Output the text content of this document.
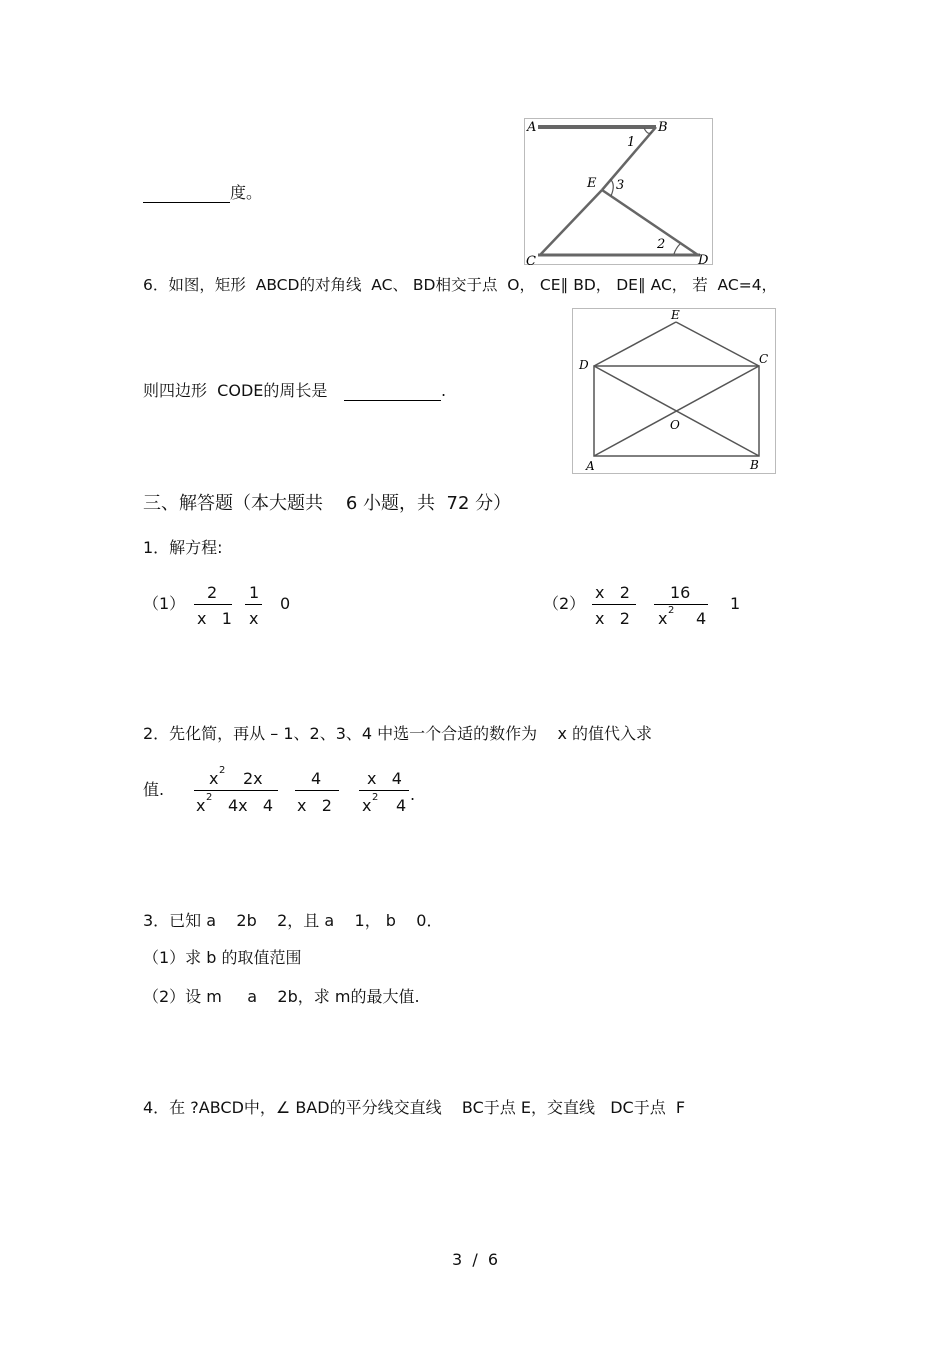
度。
A	B
C	D
E
1
2
3
6．如图，矩形  ABCD的对角线  AC、 BD相交于点  O， CE∥ BD， DE∥ AC， 若  AC=4，
则四边形  CODE的周长是	.
E
D	C
O
A	B
三、解答题（本大题共    6 小题，共  72 分）
1．解方程:
（1）
2
x   1
1
x
0	（2）
x   2
x   2
16
x 2 4
1
2．先化简，再从 – 1、2、3、4 中选一个合适的数作为    x 的值代入求
值.
x 2 2x
x 2 4x   4
4
x   2
x   4
x 2 4
.
3．已知 a    2b    2，且 a    1， b    0．
（1）求 b 的取值范围
（2）设 m     a    2b，求 m的最大值.
4．在 ?ABCD中，∠ BAD的平分线交直线    BC于点 E，交直线   DC于点  F
3  /  6
